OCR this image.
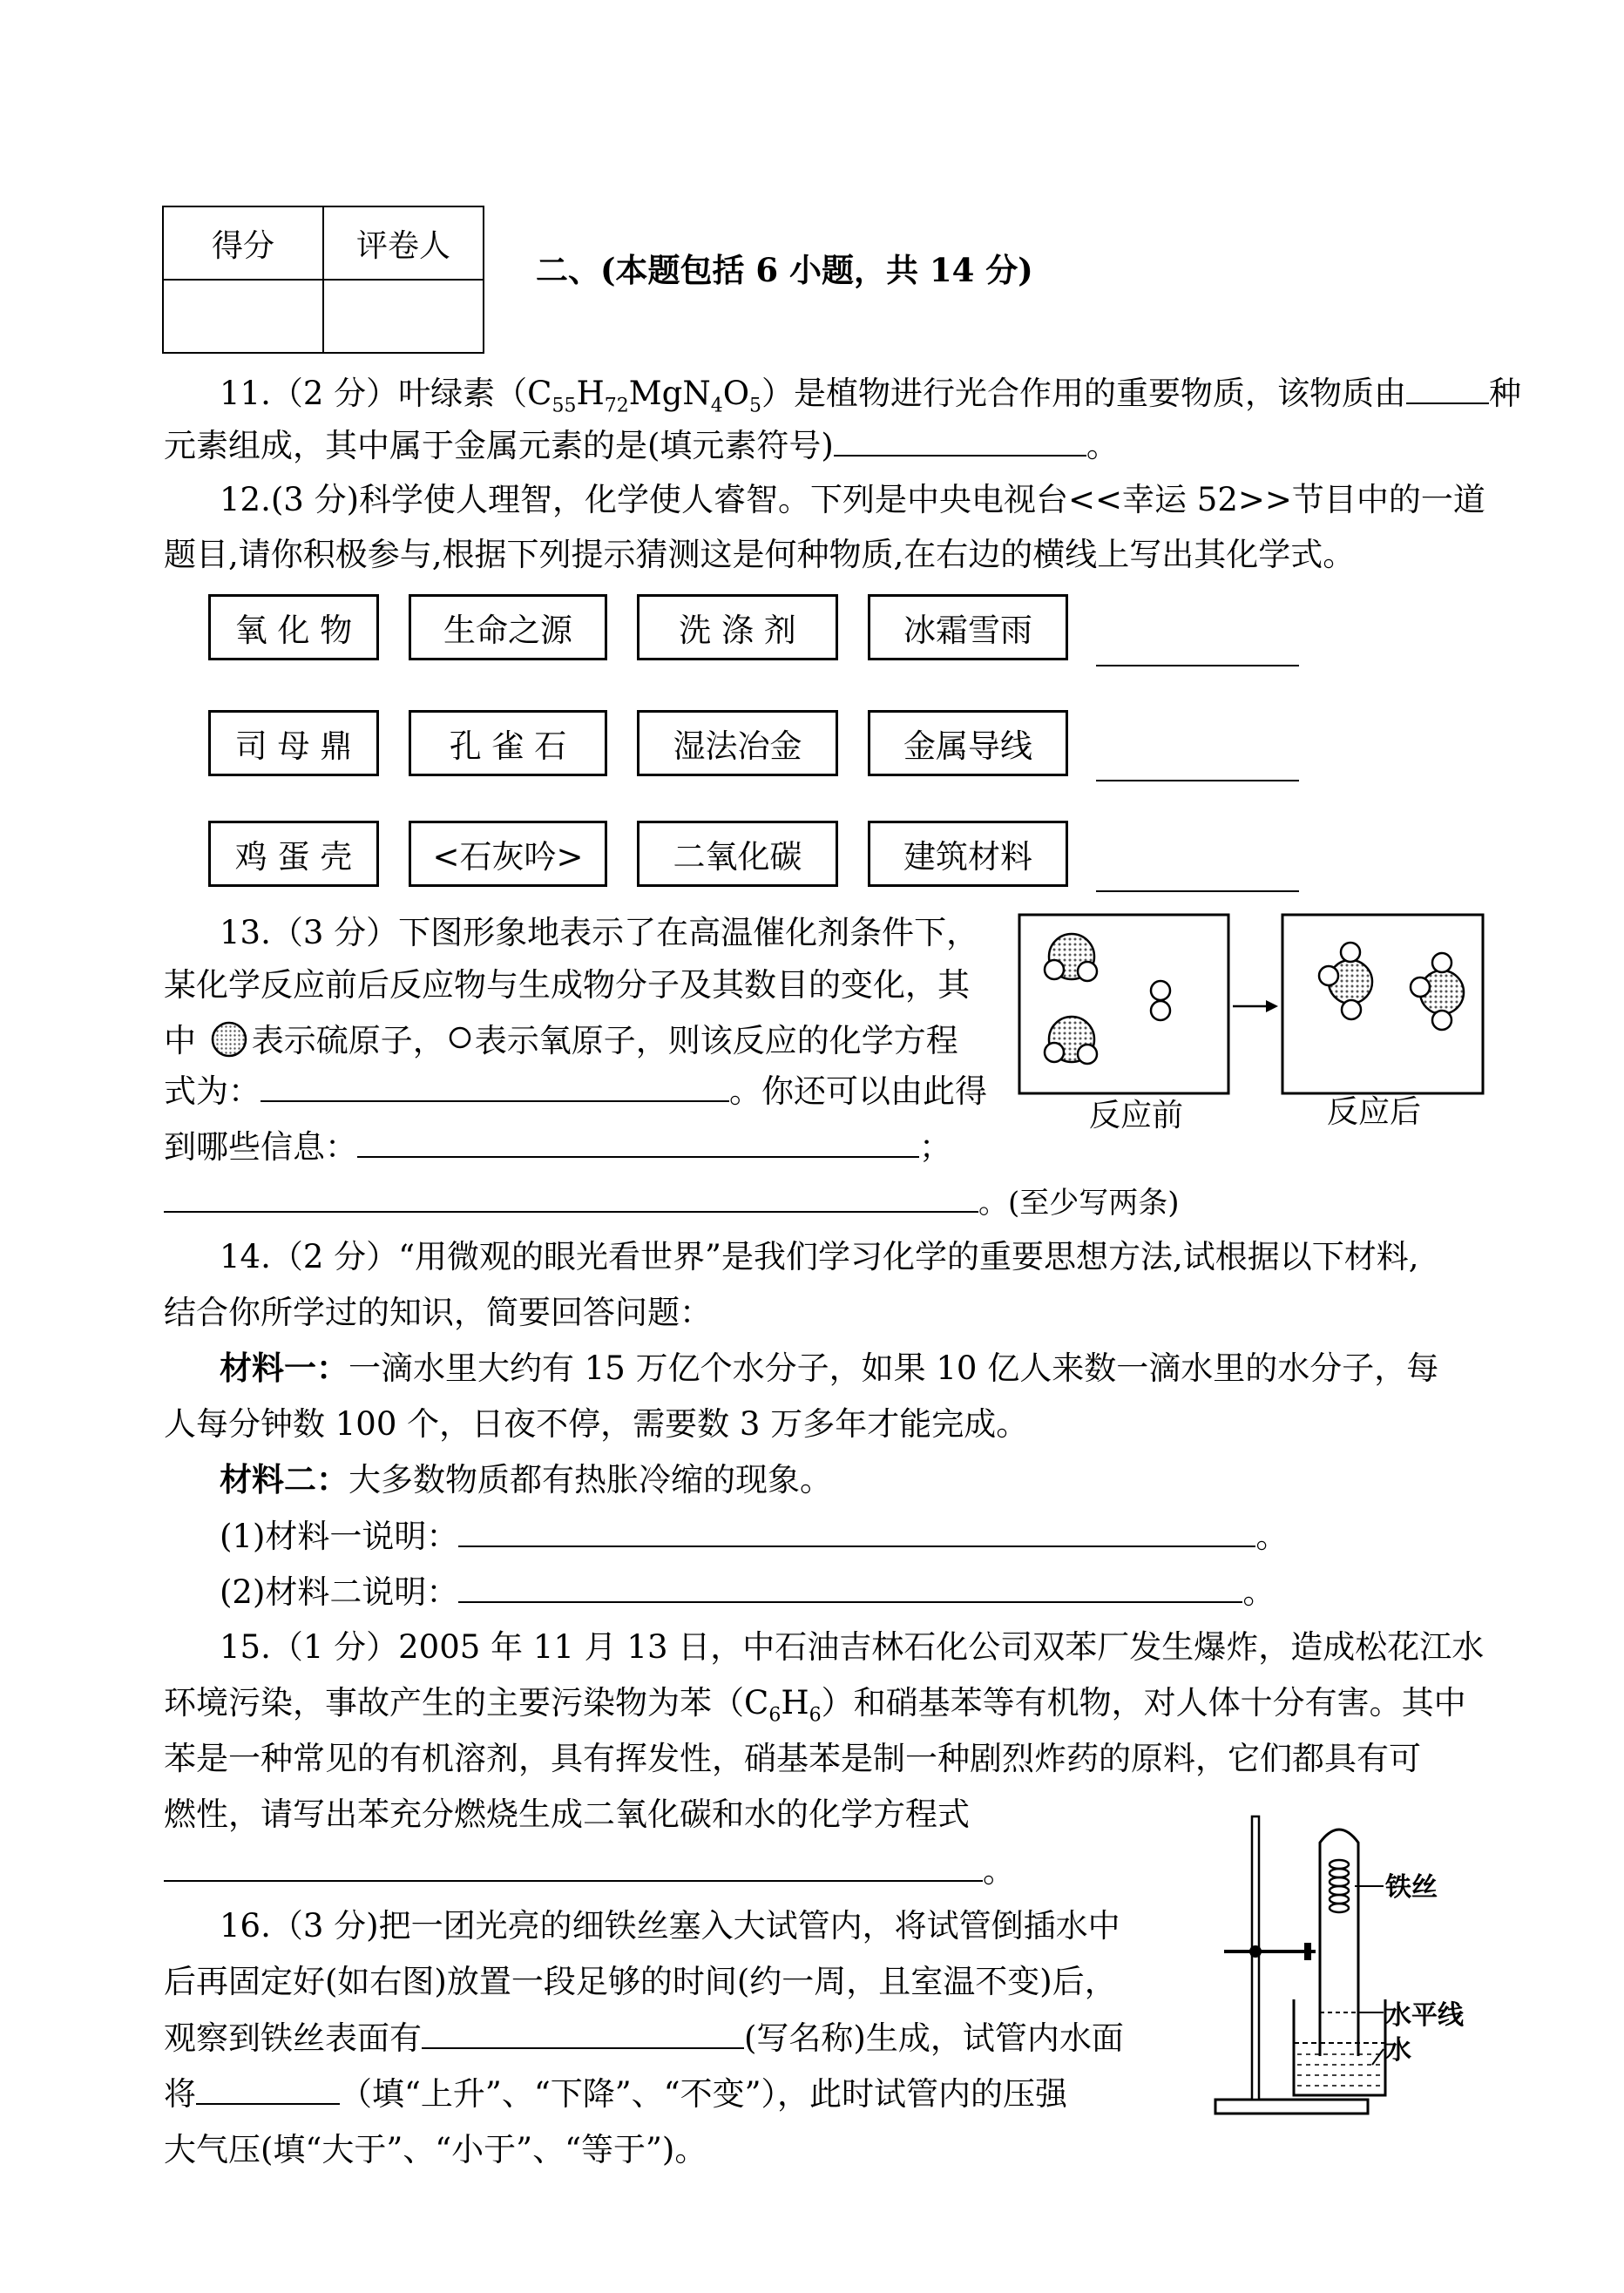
得分	评卷人

二、(本题包括 6 小题，共 14 分)
11.（2 分）叶绿素$(C_{55}H_{72}MgN_4O_5)$是植物进行光合作用的重要物质，该物质由	种
元素组成，其中属于金属元素的是(填元素符号)	。
12.(3 分)科学使人理智，化学使人睿智。下列是中央电视台<<幸运 52>>节目中的一道
题目,请你积极参与,根据下列提示猜测这是何种物质,在右边的横线上写出其化学式。
氧 化 物	生命之源	洗 涤 剂	冰霜雪雨
司 母 鼎	孔 雀 石	湿法冶金	金属导线
鸡 蛋 壳	<石灰吟>	二氧化碳	建筑材料
13.（3 分）下图形象地表示了在高温催化剂条件下，
某化学反应前后反应物与生成物分子及其数目的变化，其
中 表示硫原子， 表示氧原子，则该反应的化学方程
式为：	。你还可以由此得
到哪些信息：	；
。(至少写两条)
反应前	反应后
14.（2 分）“用微观的眼光看世界”是我们学习化学的重要思想方法,试根据以下材料,
结合你所学过的知识，简要回答问题：
材料一：一滴水里大约有 15 万亿个水分子，如果 10 亿人来数一滴水里的水分子，每
人每分钟数 100 个，日夜不停，需要数 3 万多年才能完成。
材料二：大多数物质都有热胀冷缩的现象。
(1)材料一说明：	。
(2)材料二说明：	。
15.（1 分）2005 年 11 月 13 日，中石油吉林石化公司双苯厂发生爆炸，造成松花江水
环境污染，事故产生的主要污染物为苯$(C_6H_6)$和硝基苯等有机物，对人体十分有害。其中
苯是一种常见的有机溶剂，具有挥发性，硝基苯是制一种剧烈炸药的原料，它们都具有可
燃性，请写出苯充分燃烧生成二氧化碳和水的化学方程式
。
16.（3 分)把一团光亮的细铁丝塞入大试管内，将试管倒插水中
后再固定好(如右图)放置一段足够的时间(约一周，且室温不变)后，
观察到铁丝表面有	(写名称)生成，试管内水面
将	（填“上升”、“下降”、“不变”），此时试管内的压强
大气压(填“大于”、“小于”、“等于”)。
铁丝
水平线
水
